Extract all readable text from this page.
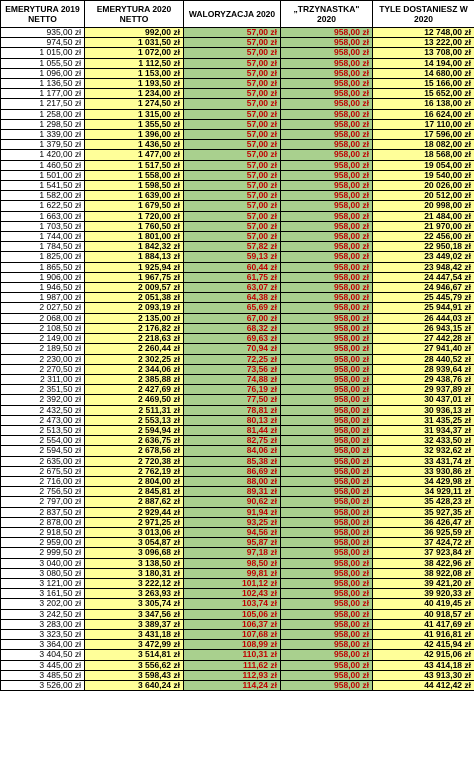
EMERYTURA 2019 NETTO	EMERYTURA 2020 NETTO	WALORYZACJA 2020	„TRZYNASTKA" 2020	TYLE DOSTANIESZ W 2020
935,00 zł	992,00 zł	57,00 zł	958,00 zł	12 748,00 zł
974,50 zł	1 031,50 zł	57,00 zł	958,00 zł	13 222,00 zł
1 015,00 zł	1 072,00 zł	57,00 zł	958,00 zł	13 708,00 zł
1 055,50 zł	1 112,50 zł	57,00 zł	958,00 zł	14 194,00 zł
1 096,00 zł	1 153,00 zł	57,00 zł	958,00 zł	14 680,00 zł
1 136,50 zł	1 193,50 zł	57,00 zł	958,00 zł	15 166,00 zł
1 177,00 zł	1 234,00 zł	57,00 zł	958,00 zł	15 652,00 zł
1 217,50 zł	1 274,50 zł	57,00 zł	958,00 zł	16 138,00 zł
1 258,00 zł	1 315,00 zł	57,00 zł	958,00 zł	16 624,00 zł
1 298,50 zł	1 355,50 zł	57,00 zł	958,00 zł	17 110,00 zł
1 339,00 zł	1 396,00 zł	57,00 zł	958,00 zł	17 596,00 zł
1 379,50 zł	1 436,50 zł	57,00 zł	958,00 zł	18 082,00 zł
1 420,00 zł	1 477,00 zł	57,00 zł	958,00 zł	18 568,00 zł
1 460,50 zł	1 517,50 zł	57,00 zł	958,00 zł	19 054,00 zł
1 501,00 zł	1 558,00 zł	57,00 zł	958,00 zł	19 540,00 zł
1 541,50 zł	1 598,50 zł	57,00 zł	958,00 zł	20 026,00 zł
1 582,00 zł	1 639,00 zł	57,00 zł	958,00 zł	20 512,00 zł
1 622,50 zł	1 679,50 zł	57,00 zł	958,00 zł	20 998,00 zł
1 663,00 zł	1 720,00 zł	57,00 zł	958,00 zł	21 484,00 zł
1 703,50 zł	1 760,50 zł	57,00 zł	958,00 zł	21 970,00 zł
1 744,00 zł	1 801,00 zł	57,00 zł	958,00 zł	22 456,00 zł
1 784,50 zł	1 842,32 zł	57,82 zł	958,00 zł	22 950,18 zł
1 825,00 zł	1 884,13 zł	59,13 zł	958,00 zł	23 449,02 zł
1 865,50 zł	1 925,94 zł	60,44 zł	958,00 zł	23 948,42 zł
1 906,00 zł	1 967,75 zł	61,75 zł	958,00 zł	24 447,54 zł
1 946,50 zł	2 009,57 zł	63,07 zł	958,00 zł	24 946,67 zł
1 987,00 zł	2 051,38 zł	64,38 zł	958,00 zł	25 445,79 zł
2 027,50 zł	2 093,19 zł	65,69 zł	958,00 zł	25 944,91 zł
2 068,00 zł	2 135,00 zł	67,00 zł	958,00 zł	26 444,03 zł
2 108,50 zł	2 176,82 zł	68,32 zł	958,00 zł	26 943,15 zł
2 149,00 zł	2 218,63 zł	69,63 zł	958,00 zł	27 442,28 zł
2 189,50 zł	2 260,44 zł	70,94 zł	958,00 zł	27 941,40 zł
2 230,00 zł	2 302,25 zł	72,25 zł	958,00 zł	28 440,52 zł
2 270,50 zł	2 344,06 zł	73,56 zł	958,00 zł	28 939,64 zł
2 311,00 zł	2 385,88 zł	74,88 zł	958,00 zł	29 438,76 zł
2 351,50 zł	2 427,69 zł	76,19 zł	958,00 zł	29 937,89 zł
2 392,00 zł	2 469,50 zł	77,50 zł	958,00 zł	30 437,01 zł
2 432,50 zł	2 511,31 zł	78,81 zł	958,00 zł	30 936,13 zł
2 473,00 zł	2 553,13 zł	80,13 zł	958,00 zł	31 435,25 zł
2 513,50 zł	2 594,94 zł	81,44 zł	958,00 zł	31 934,37 zł
2 554,00 zł	2 636,75 zł	82,75 zł	958,00 zł	32 433,50 zł
2 594,50 zł	2 678,56 zł	84,06 zł	958,00 zł	32 932,62 zł
2 635,00 zł	2 720,38 zł	85,38 zł	958,00 zł	33 431,74 zł
2 675,50 zł	2 762,19 zł	86,69 zł	958,00 zł	33 930,86 zł
2 716,00 zł	2 804,00 zł	88,00 zł	958,00 zł	34 429,98 zł
2 756,50 zł	2 845,81 zł	89,31 zł	958,00 zł	34 929,11 zł
2 797,00 zł	2 887,62 zł	90,62 zł	958,00 zł	35 428,23 zł
2 837,50 zł	2 929,44 zł	91,94 zł	958,00 zł	35 927,35 zł
2 878,00 zł	2 971,25 zł	93,25 zł	958,00 zł	36 426,47 zł
2 918,50 zł	3 013,06 zł	94,56 zł	958,00 zł	36 925,59 zł
2 959,00 zł	3 054,87 zł	95,87 zł	958,00 zł	37 424,72 zł
2 999,50 zł	3 096,68 zł	97,18 zł	958,00 zł	37 923,84 zł
3 040,00 zł	3 138,50 zł	98,50 zł	958,00 zł	38 422,96 zł
3 080,50 zł	3 180,31 zł	99,81 zł	958,00 zł	38 922,08 zł
3 121,00 zł	3 222,12 zł	101,12 zł	958,00 zł	39 421,20 zł
3 161,50 zł	3 263,93 zł	102,43 zł	958,00 zł	39 920,33 zł
3 202,00 zł	3 305,74 zł	103,74 zł	958,00 zł	40 419,45 zł
3 242,50 zł	3 347,56 zł	105,06 zł	958,00 zł	40 918,57 zł
3 283,00 zł	3 389,37 zł	106,37 zł	958,00 zł	41 417,69 zł
3 323,50 zł	3 431,18 zł	107,68 zł	958,00 zł	41 916,81 zł
3 364,00 zł	3 472,99 zł	108,99 zł	958,00 zł	42 415,94 zł
3 404,50 zł	3 514,81 zł	110,31 zł	958,00 zł	42 915,06 zł
3 445,00 zł	3 556,62 zł	111,62 zł	958,00 zł	43 414,18 zł
3 485,50 zł	3 598,43 zł	112,93 zł	958,00 zł	43 913,30 zł
3 526,00 zł	3 640,24 zł	114,24 zł	958,00 zł	44 412,42 zł
